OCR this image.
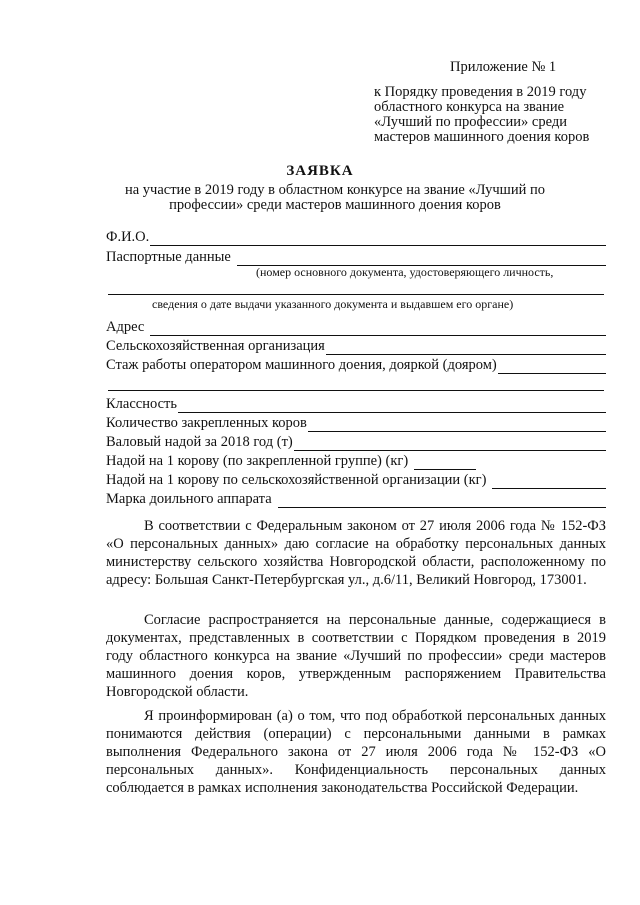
Приложение № 1
к Порядку проведения в 2019 году
областного конкурса на звание
«Лучший по профессии» среди
мастеров машинного доения коров
ЗАЯВКА
на участие в 2019 году в областном конкурсе на звание «Лучший по профессии» среди мастеров машинного доения коров
Ф.И.О.
Паспортные данные
(номер основного документа, удостоверяющего личность,
сведения о дате выдачи указанного документа и выдавшем его органе)
Адрес
Сельскохозяйственная организация
Стаж работы оператором машинного доения, дояркой (дояром)
Классность
Количество закрепленных коров
Валовый надой за 2018 год (т)
Надой на 1 корову (по закрепленной группе) (кг)
Надой на 1 корову по сельскохозяйственной организации (кг)
Марка доильного аппарата

В соответствии с Федеральным законом от 27 июля 2006 года № 152-ФЗ «О персональных данных» даю согласие на обработку персональных данных министерству сельского хозяйства Новгородской области, расположенному по адресу: Большая Санкт-Петербургская ул., д.6/11, Великий Новгород, 173001.

Согласие распространяется на персональные данные, содержащиеся в документах, представленных в соответствии с Порядком проведения в 2019 году областного конкурса на звание «Лучший по профессии» среди мастеров машинного доения коров, утвержденным распоряжением Правительства Новгородской области.

Я проинформирован (а) о том, что под обработкой персональных данных понимаются действия (операции) с персональными данными в рамках выполнения Федерального закона от 27 июля 2006 года № 152-ФЗ «О персональных данных». Конфиденциальность персональных данных соблюдается в рамках исполнения законодательства Российской Федерации.
